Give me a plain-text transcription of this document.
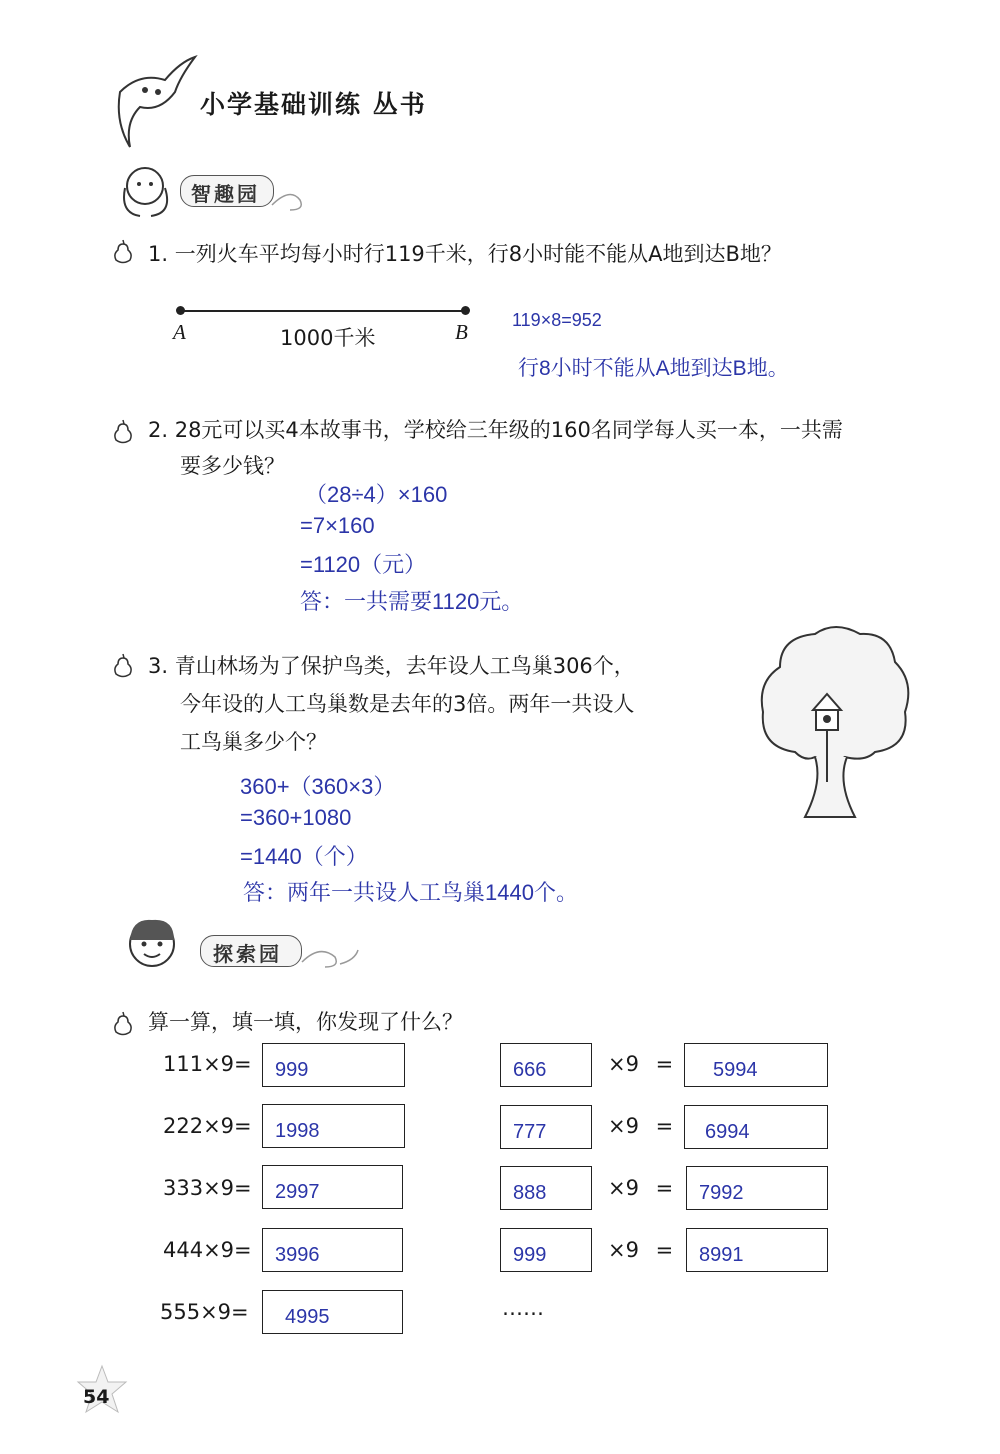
小学基础训练 丛书
智趣园
1. 一列火车平均每小时行119千米，行8小时能不能从A地到达B地？
A	B
1000千米
119×8=952
行8小时不能从A地到达B地。
2. 28元可以买4本故事书，学校给三年级的160名同学每人买一本，一共需
要多少钱？
（28÷4）×160
=7×160
=1120（元）
答：一共需要1120元。
3. 青山林场为了保护鸟类，去年设人工鸟巢306个，
今年设的人工鸟巢数是去年的3倍。两年一共设人
工鸟巢多少个？
360+（360×3）
=360+1080
=1440（个）
答：两年一共设人工鸟巢1440个。
探索园
算一算，填一填，你发现了什么？
111×9= 999
222×9= 1998
333×9= 2997
444×9= 3996
555×9= 4995
666	×9 = 5994
777	×9 = 6994
888	×9 = 7992
999	×9 = 8991
……
54
